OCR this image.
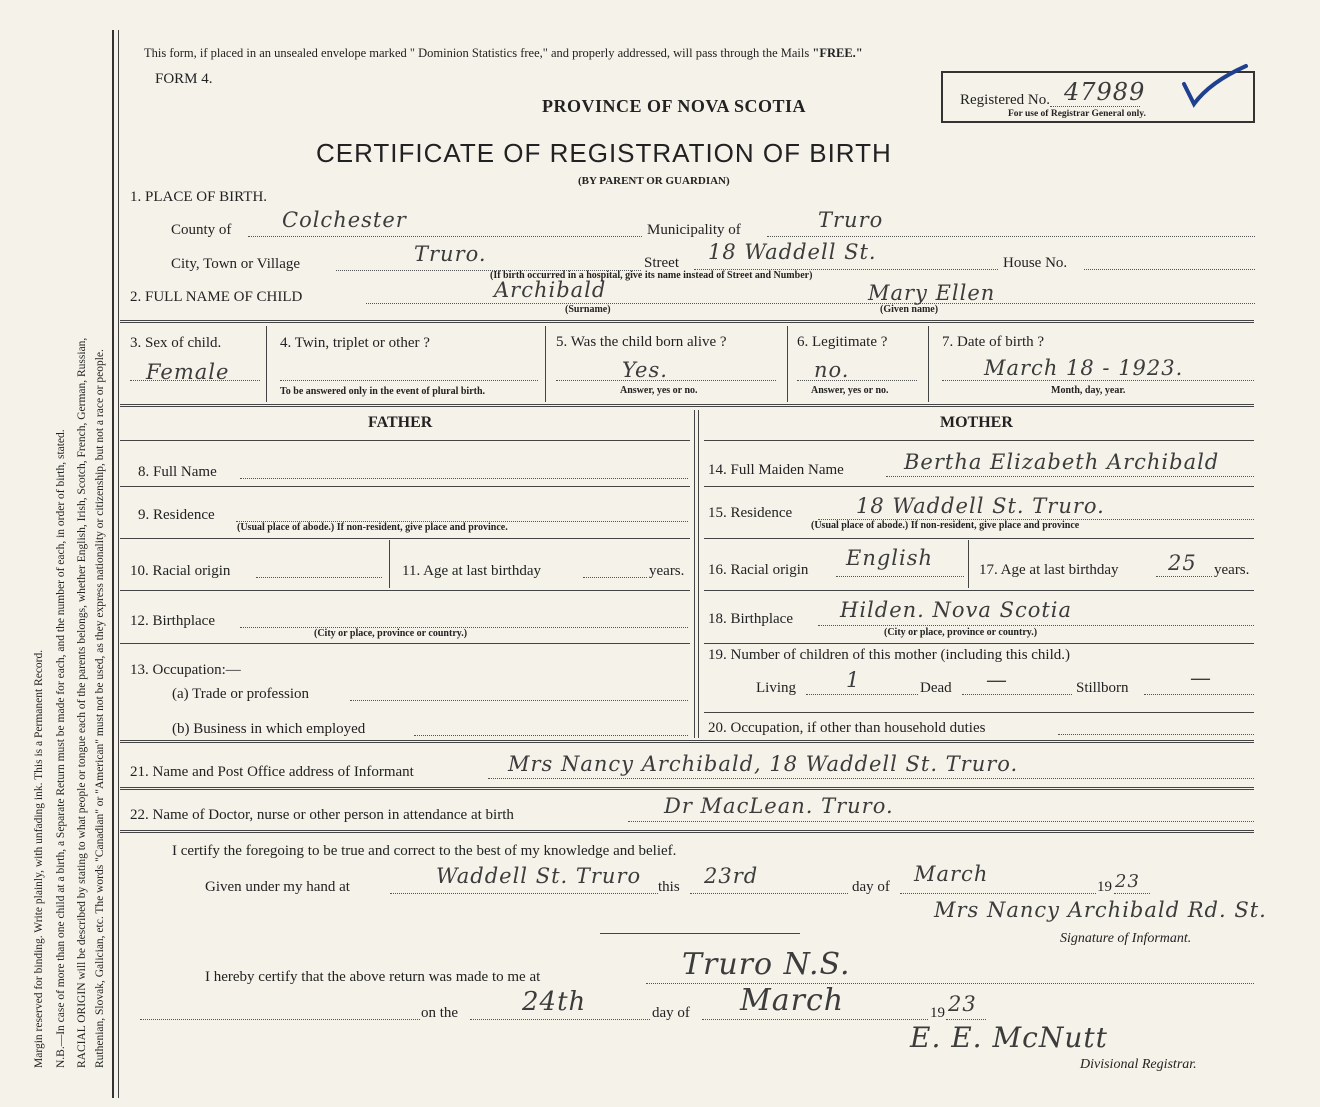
Margin reserved for binding. Write plainly, with unfading ink. This is a Permanent Record. N.B.—In case of more than one child at a birth, a Separate Return must be made for each, and the number of each, in order of birth, stated. RACIAL ORIGIN will be described by stating to what people or tongue each of the parents belongs, whether English, Irish, Scotch, French, German, Russian, Ruthenian, Slovak, Galician, etc. The words "Canadian" or "American" must not be used, as they express nationality or citizenship, but not a race or people.
This form, if placed in an unsealed envelope marked " Dominion Statistics free," and properly addressed, will pass through the Mails "FREE."
FORM 4.
PROVINCE OF NOVA SCOTIA
CERTIFICATE OF REGISTRATION OF BIRTH
(BY PARENT OR GUARDIAN)
Registered No. 47989
For use of Registrar General only.
1. PLACE OF BIRTH.
County of Colchester	Municipality of	Truro
City, Town or Village	Truro.	Street 18 Waddell St.	House No.
(If birth occurred in a hospital, give its name instead of Street and Number)
2. FULL NAME OF CHILD	Archibald	Mary Ellen
(Surname)	(Given name)
3. Sex of child.
Female
4. Twin, triplet or other ?
To be answered only in the event of plural birth.
5. Was the child born alive ?
Yes.
Answer, yes or no.
6. Legitimate ?
no.
Answer, yes or no.
7. Date of birth ?
March 18 - 1923.
Month, day, year.
FATHER	MOTHER
8. Full Name
9. Residence
(Usual place of abode.) If non-resident, give place and province.
10. Racial origin	11. Age at last birthday	years.
12. Birthplace
(City or place, province or country.)
13. Occupation:—
(a) Trade or profession
(b) Business in which employed
14. Full Maiden Name	Bertha Elizabeth Archibald
15. Residence	18 Waddell St. Truro.
(Usual place of abode.) If non-resident, give place and province
16. Racial origin English	17. Age at last birthday 25 years.
18. Birthplace Hilden. Nova Scotia
(City or place, province or country.)
19. Number of children of this mother (including this child.)
Living 1	Dead —	Stillborn	—
20. Occupation, if other than household duties
21. Name and Post Office address of Informant	Mrs Nancy Archibald, 18 Waddell St. Truro.
22. Name of Doctor, nurse or other person in attendance at birth	Dr MacLean. Truro.
I certify the foregoing to be true and correct to the best of my knowledge and belief.
Given under my hand at	Waddell St. Truro this 23rd	day of
March
19 23
Mrs Nancy Archibald Rd. St.
Signature of Informant.
I hereby certify that the above return was made to me at	Truro N.S.
on the 24th	day of March	19 23
E. E. McNutt
Divisional Registrar.
